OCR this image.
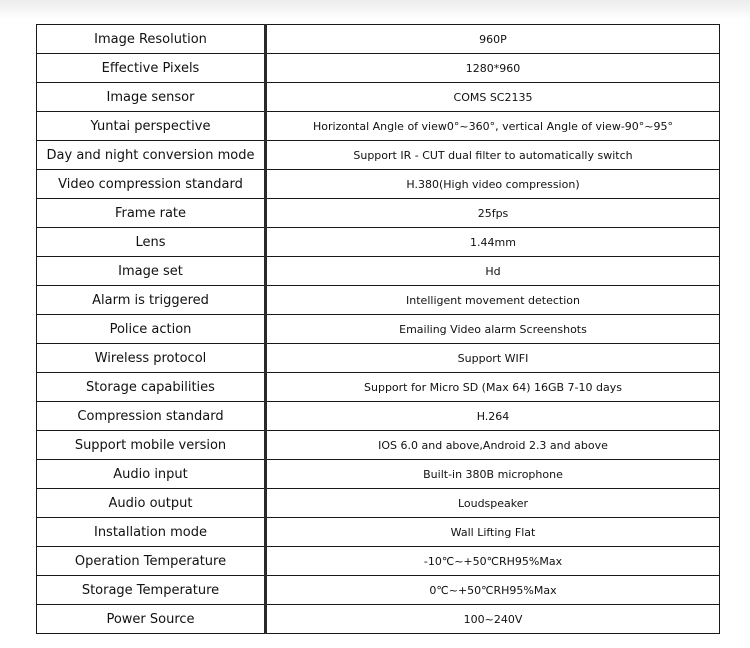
Image Resolution	960P
Effective Pixels	1280*960
Image sensor	COMS SC2135
Yuntai perspective	Horizontal Angle of view0°~360°, vertical Angle of view-90°~95°
Day and night conversion mode	Support IR - CUT dual filter to automatically switch
Video compression standard	H.380(High video compression)
Frame rate	25fps
Lens	1.44mm
Image set	Hd
Alarm is triggered	Intelligent movement detection
Police action	Emailing Video alarm Screenshots
Wireless protocol	Support WIFI
Storage capabilities	Support for Micro SD (Max 64) 16GB 7-10 days
Compression standard	H.264
Support mobile version	IOS 6.0 and above,Android 2.3 and above
Audio input	Built-in 380B microphone
Audio output	Loudspeaker
Installation mode	Wall Lifting Flat
Operation Temperature	-10℃~+50℃RH95%Max
Storage Temperature	0℃~+50℃RH95%Max
Power Source	100~240V
